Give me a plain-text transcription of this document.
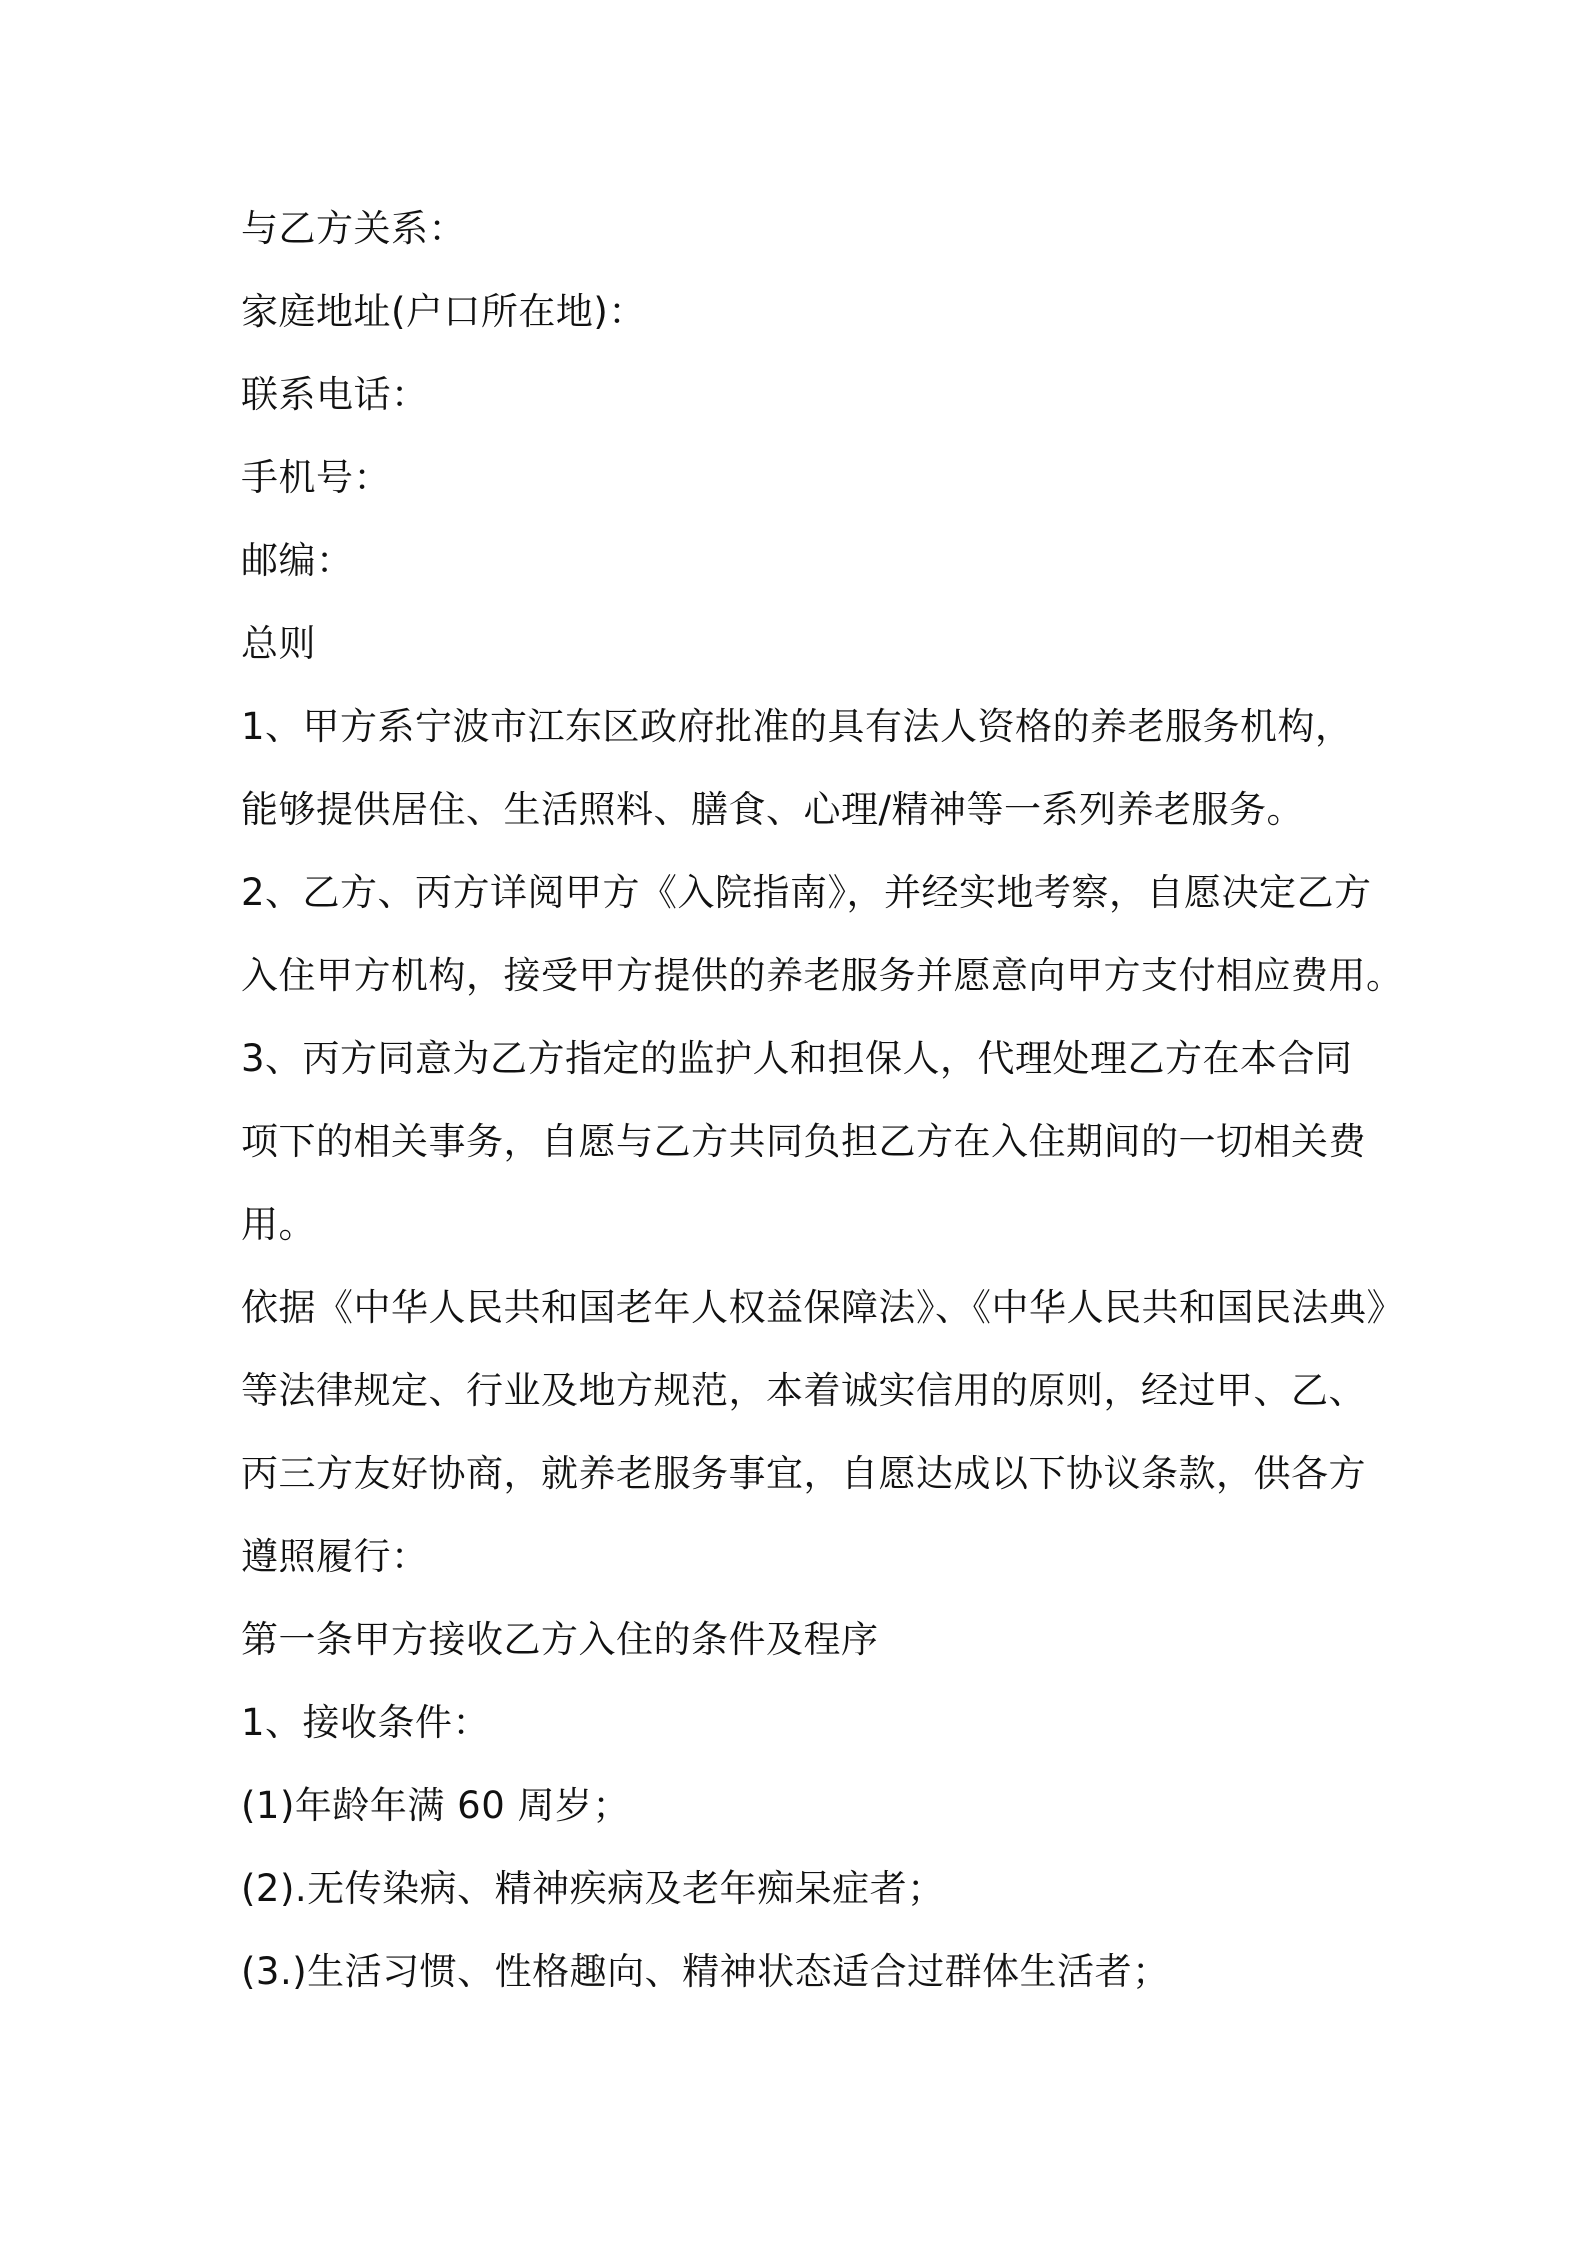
与乙方关系：
家庭地址(户口所在地)：
联系电话：
手机号：
邮编：
总则
1、甲方系宁波市江东区政府批准的具有法人资格的养老服务机构，
能够提供居住、生活照料、膳食、心理/精神等一系列养老服务。
2、乙方、丙方详阅甲方《入院指南》，并经实地考察，自愿决定乙方
入住甲方机构，接受甲方提供的养老服务并愿意向甲方支付相应费用。
3、丙方同意为乙方指定的监护人和担保人，代理处理乙方在本合同
项下的相关事务，自愿与乙方共同负担乙方在入住期间的一切相关费
用。
依据《中华人民共和国老年人权益保障法》、《中华人民共和国民法典》
等法律规定、行业及地方规范，本着诚实信用的原则，经过甲、乙、
丙三方友好协商，就养老服务事宜，自愿达成以下协议条款，供各方
遵照履行：
第一条甲方接收乙方入住的条件及程序
1、接收条件：
(1)年龄年满 60 周岁；
(2).无传染病、精神疾病及老年痴呆症者；
(3.)生活习惯、性格趣向、精神状态适合过群体生活者；
